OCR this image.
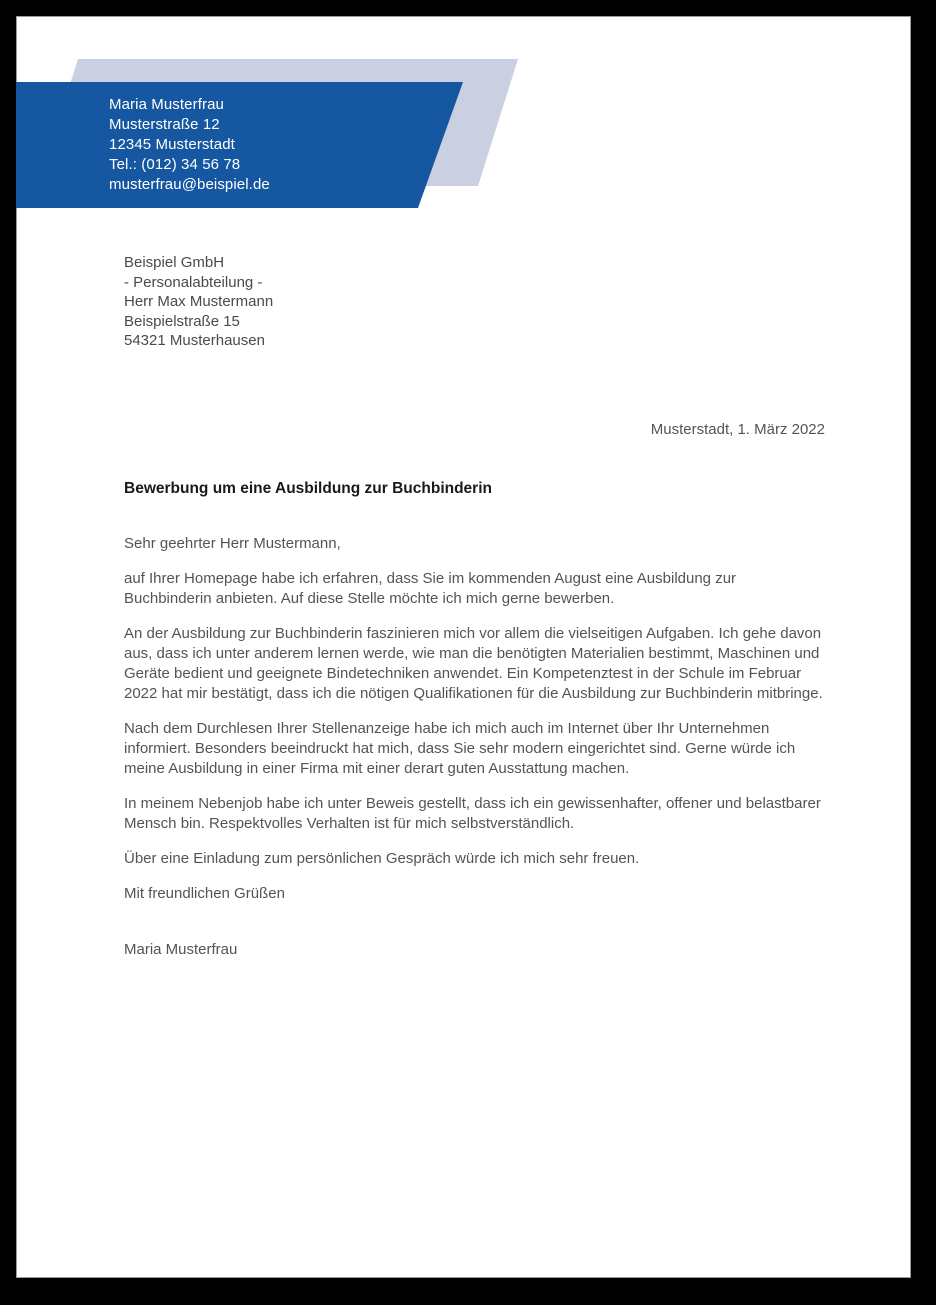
Maria Musterfrau
Musterstraße 12
12345 Musterstadt
Tel.: (012) 34 56 78
musterfrau@beispiel.de
Beispiel GmbH
- Personalabteilung -
Herr Max Mustermann
Beispielstraße 15
54321 Musterhausen
Musterstadt, 1. März 2022
Bewerbung um eine Ausbildung zur Buchbinderin
Sehr geehrter Herr Mustermann,

auf Ihrer Homepage habe ich erfahren, dass Sie im kommenden August eine Ausbildung zur Buchbinderin anbieten. Auf diese Stelle möchte ich mich gerne bewerben.

An der Ausbildung zur Buchbinderin faszinieren mich vor allem die vielseitigen Aufgaben. Ich gehe davon aus, dass ich unter anderem lernen werde, wie man die benötigten Materialien bestimmt, Maschinen und Geräte bedient und geeignete Bindetechniken anwendet. Ein Kompetenztest in der Schule im Februar 2022 hat mir bestätigt, dass ich die nötigen Qualifikationen für die Ausbildung zur Buchbinderin mitbringe.

Nach dem Durchlesen Ihrer Stellenanzeige habe ich mich auch im Internet über Ihr Unternehmen informiert. Besonders beeindruckt hat mich, dass Sie sehr modern eingerichtet sind. Gerne würde ich meine Ausbildung in einer Firma mit einer derart guten Ausstattung machen.

In meinem Nebenjob habe ich unter Beweis gestellt, dass ich ein gewissenhafter, offener und belastbarer Mensch bin. Respektvolles Verhalten ist für mich selbstverständlich.

Über eine Einladung zum persönlichen Gespräch würde ich mich sehr freuen.

Mit freundlichen Grüßen
Maria Musterfrau
